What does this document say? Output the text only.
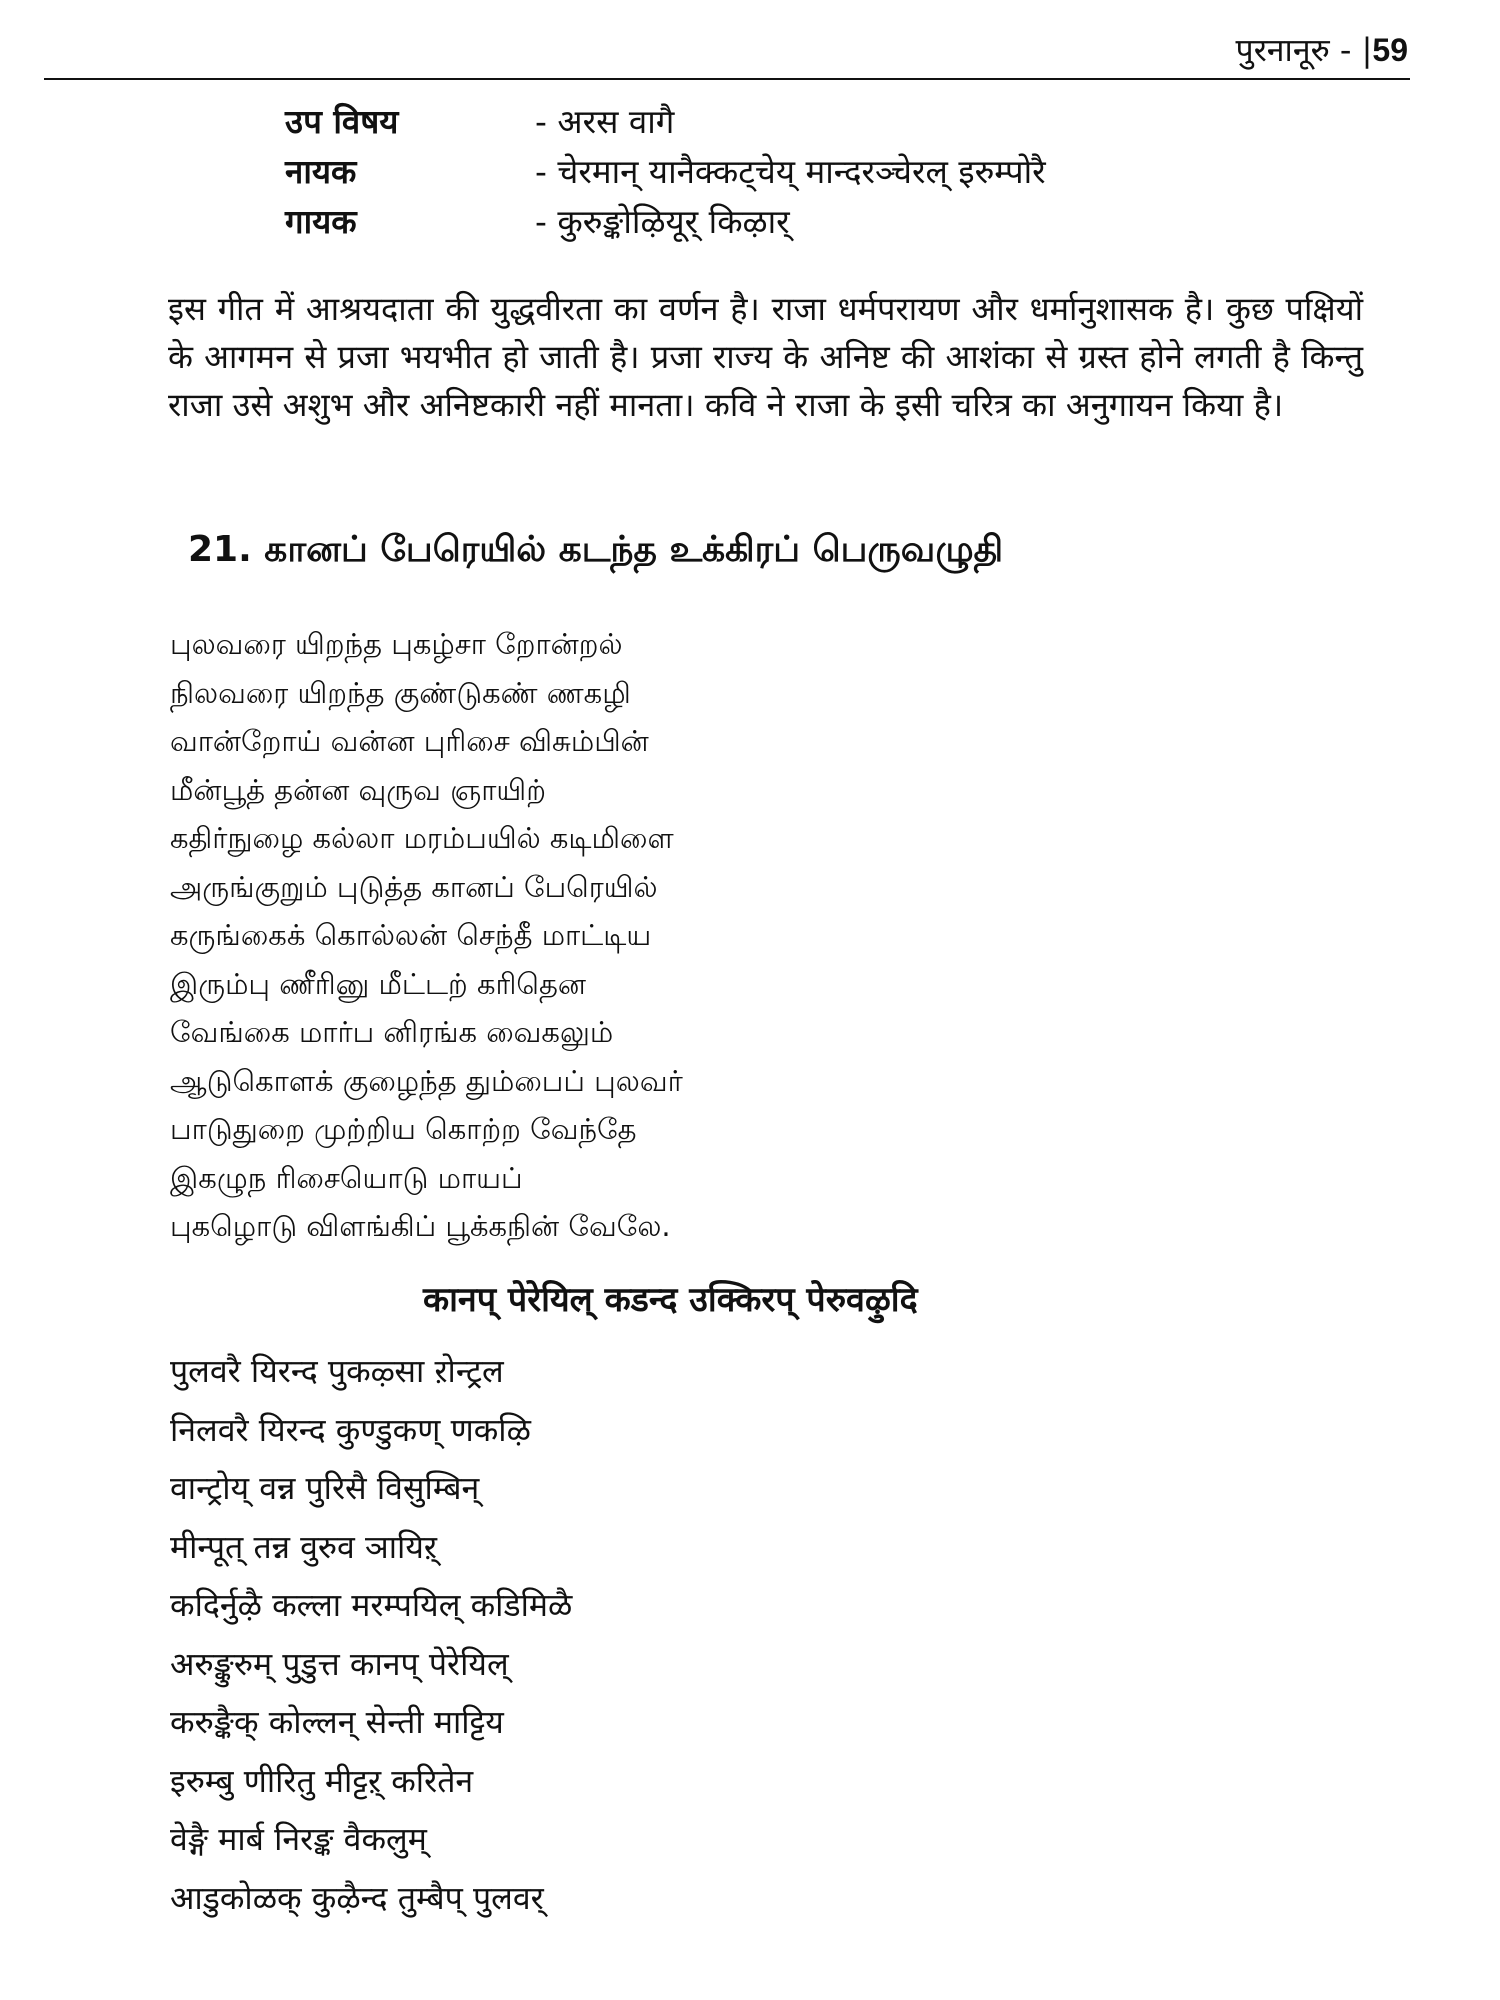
पुरनानूरु - |59
उप विषय	- अरस वागै
नायक	- चेरमान् यानैक्कट्चेय् मान्दरञ्चेरल् इरुम्पोरै
गायक	- कुरुङ्कोऴियूर् किऴार्

इस गीत में आश्रयदाता की युद्धवीरता का वर्णन है। राजा धर्मपरायण और धर्मानुशासक है। कुछ पक्षियों के आगमन से प्रजा भयभीत हो जाती है। प्रजा राज्य के अनिष्ट की आशंका से ग्रस्त होने लगती है किन्तु राजा उसे अशुभ और अनिष्टकारी नहीं मानता। कवि ने राजा के इसी चरित्र का अनुगायन किया है।

21. கானப் பேரெயில் கடந்த உக்கிரப் பெருவழுதி
புலவரை யிறந்த புகழ்சா றோன்றல்
நிலவரை யிறந்த குண்டுகண் ணகழி
வான்றோய் வன்ன புரிசை விசும்பின்
மீன்பூத் தன்ன வுருவ ஞாயிற்
கதிர்நுழை கல்லா மரம்பயில் கடிமிளை
அருங்குறும் புடுத்த கானப் பேரெயில்
கருங்கைக் கொல்லன் செந்தீ மாட்டிய
இரும்பு ணீரினு மீட்டற் கரிதென
வேங்கை மார்ப னிரங்க வைகலும்
ஆடுகொளக் குழைந்த தும்பைப் புலவர்
பாடுதுறை முற்றிய கொற்ற வேந்தே
இகழுந ரிசையொடு மாயப்
புகழொடு விளங்கிப் பூக்கநின் வேலே.
कानप् पेरेयिल् कडन्द उक्किरप् पेरुवऴुदि
पुलवरै यिरन्द पुकऴ्सा ऱोन्ट्रल
निलवरै यिरन्द कुण्डुकण् णकऴि
वान्ट्रोय् वन्न पुरिसै विसुम्बिन्
मीन्पूत् तन्न वुरुव ञायिऱ्
कदिर्नुऴै कल्ला मरम्पयिल् कडिमिळै
अरुङ्कुरुम् पुडुत्त कानप् पेरेयिल्
करुङ्कैक् कोल्लन् सेन्ती माट्टिय
इरुम्बु णीरितु मीट्टऱ् करितेन
वेङ्गै मार्ब निरङ्क वैकलुम्
आडुकोळक् कुऴैन्द तुम्बैप् पुलवर्
